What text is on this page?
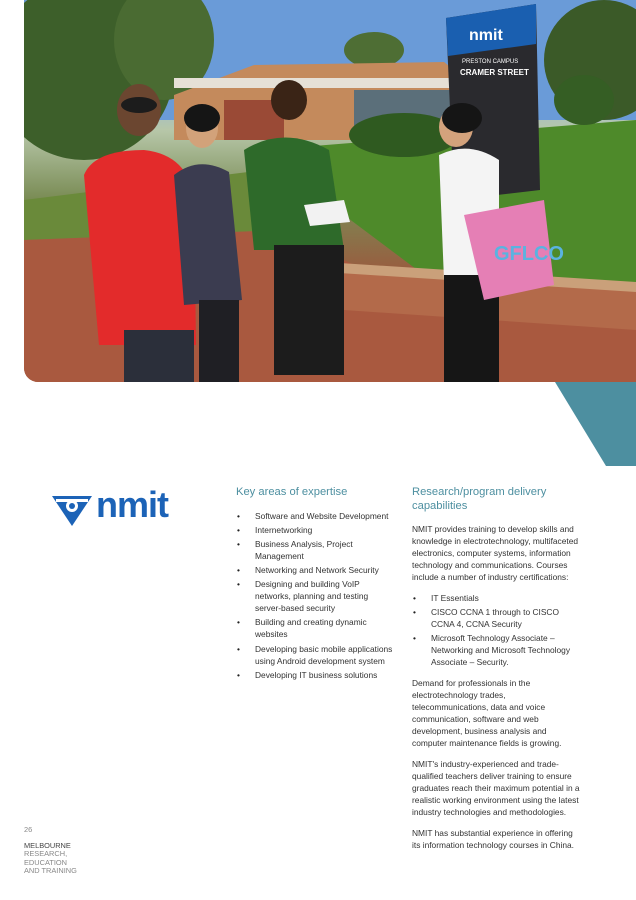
nmit
PRESTON CAMPUS
CRAMER STREET
GFLCO
nmit	Key areas of expertise
• Software and Website Development
• Internetworking
• Business Analysis, Project Management
• Networking and Network Security
• Designing and building VoIP networks, planning and testing server-based security
• Building and creating dynamic websites
• Developing basic mobile applications using Android development system
• Developing IT business solutions
Research/program delivery capabilities

NMIT provides training to develop skills and knowledge in electrotechnology, multifaceted electronics, computer systems, information technology and communications. Courses include a number of industry certifications:

• IT Essentials
• CISCO CCNA 1 through to CISCO CCNA 4, CCNA Security
• Microsoft Technology Associate – Networking and Microsoft Technology Associate – Security.

Demand for professionals in the electrotechnology trades, telecommunications, data and voice communication, software and web development, business analysis and computer maintenance fields is growing.

NMIT's industry-experienced and trade-qualified teachers deliver training to ensure graduates reach their maximum potential in a realistic working environment using the latest industry technologies and methodologies.

NMIT has substantial experience in offering its information technology courses in China.

26
MELBOURNE
RESEARCH,
EDUCATION
AND TRAINING
